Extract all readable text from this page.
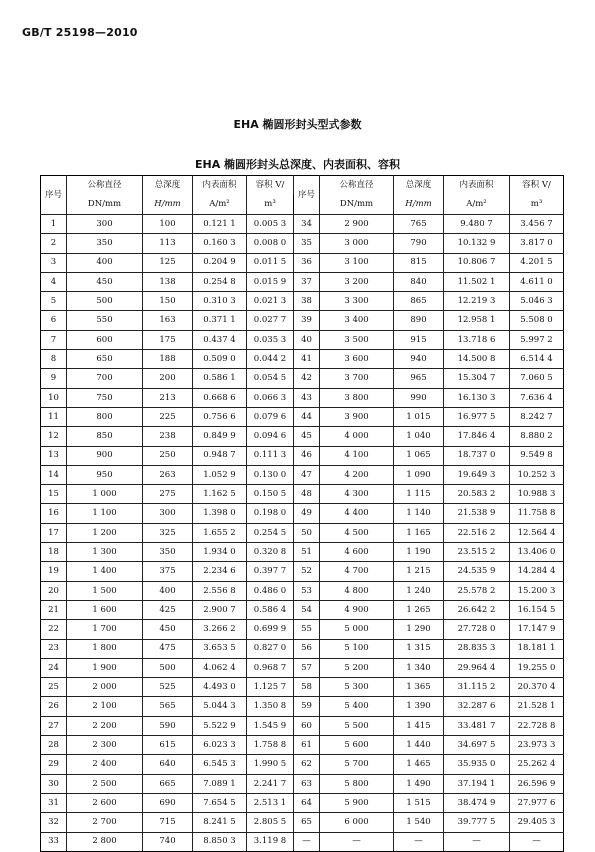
GB/T 25198—2010
EHA 椭圆形封头型式参数
EHA 椭圆形封头总深度、内表面积、容积
序号	公称直径	总深度	内表面积	容积 V/	序号	公称直径	总深度	内表面积	容积 V/
	DN/mm	H/mm	A/m²	m³		DN/mm	H/mm	A/m²	m³
1	300	100	0.121 1	0.005 3	34	2 900	765	9.480 7	3.456 7
2	350	113	0.160 3	0.008 0	35	3 000	790	10.132 9	3.817 0
3	400	125	0.204 9	0.011 5	36	3 100	815	10.806 7	4.201 5
4	450	138	0.254 8	0.015 9	37	3 200	840	11.502 1	4.611 0
5	500	150	0.310 3	0.021 3	38	3 300	865	12.219 3	5.046 3
6	550	163	0.371 1	0.027 7	39	3 400	890	12.958 1	5.508 0
7	600	175	0.437 4	0.035 3	40	3 500	915	13.718 6	5.997 2
8	650	188	0.509 0	0.044 2	41	3 600	940	14.500 8	6.514 4
9	700	200	0.586 1	0.054 5	42	3 700	965	15.304 7	7.060 5
10	750	213	0.668 6	0.066 3	43	3 800	990	16.130 3	7.636 4
11	800	225	0.756 6	0.079 6	44	3 900	1 015	16.977 5	8.242 7
12	850	238	0.849 9	0.094 6	45	4 000	1 040	17.846 4	8.880 2
13	900	250	0.948 7	0.111 3	46	4 100	1 065	18.737 0	9.549 8
14	950	263	1.052 9	0.130 0	47	4 200	1 090	19.649 3	10.252 3
15	1 000	275	1.162 5	0.150 5	48	4 300	1 115	20.583 2	10.988 3
16	1 100	300	1.398 0	0.198 0	49	4 400	1 140	21.538 9	11.758 8
17	1 200	325	1.655 2	0.254 5	50	4 500	1 165	22.516 2	12.564 4
18	1 300	350	1.934 0	0.320 8	51	4 600	1 190	23.515 2	13.406 0
19	1 400	375	2.234 6	0.397 7	52	4 700	1 215	24.535 9	14.284 4
20	1 500	400	2.556 8	0.486 0	53	4 800	1 240	25.578 2	15.200 3
21	1 600	425	2.900 7	0.586 4	54	4 900	1 265	26.642 2	16.154 5
22	1 700	450	3.266 2	0.699 9	55	5 000	1 290	27.728 0	17.147 9
23	1 800	475	3.653 5	0.827 0	56	5 100	1 315	28.835 3	18.181 1
24	1 900	500	4.062 4	0.968 7	57	5 200	1 340	29.964 4	19.255 0
25	2 000	525	4.493 0	1.125 7	58	5 300	1 365	31.115 2	20.370 4
26	2 100	565	5.044 3	1.350 8	59	5 400	1 390	32.287 6	21.528 1
27	2 200	590	5.522 9	1.545 9	60	5 500	1 415	33.481 7	22.728 8
28	2 300	615	6.023 3	1.758 8	61	5 600	1 440	34.697 5	23.973 3
29	2 400	640	6.545 3	1.990 5	62	5 700	1 465	35.935 0	25.262 4
30	2 500	665	7.089 1	2.241 7	63	5 800	1 490	37.194 1	26.596 9
31	2 600	690	7.654 5	2.513 1	64	5 900	1 515	38.474 9	27.977 6
32	2 700	715	8.241 5	2.805 5	65	6 000	1 540	39.777 5	29.405 3
33	2 800	740	8.850 3	3.119 8	—	—	—	—	—
